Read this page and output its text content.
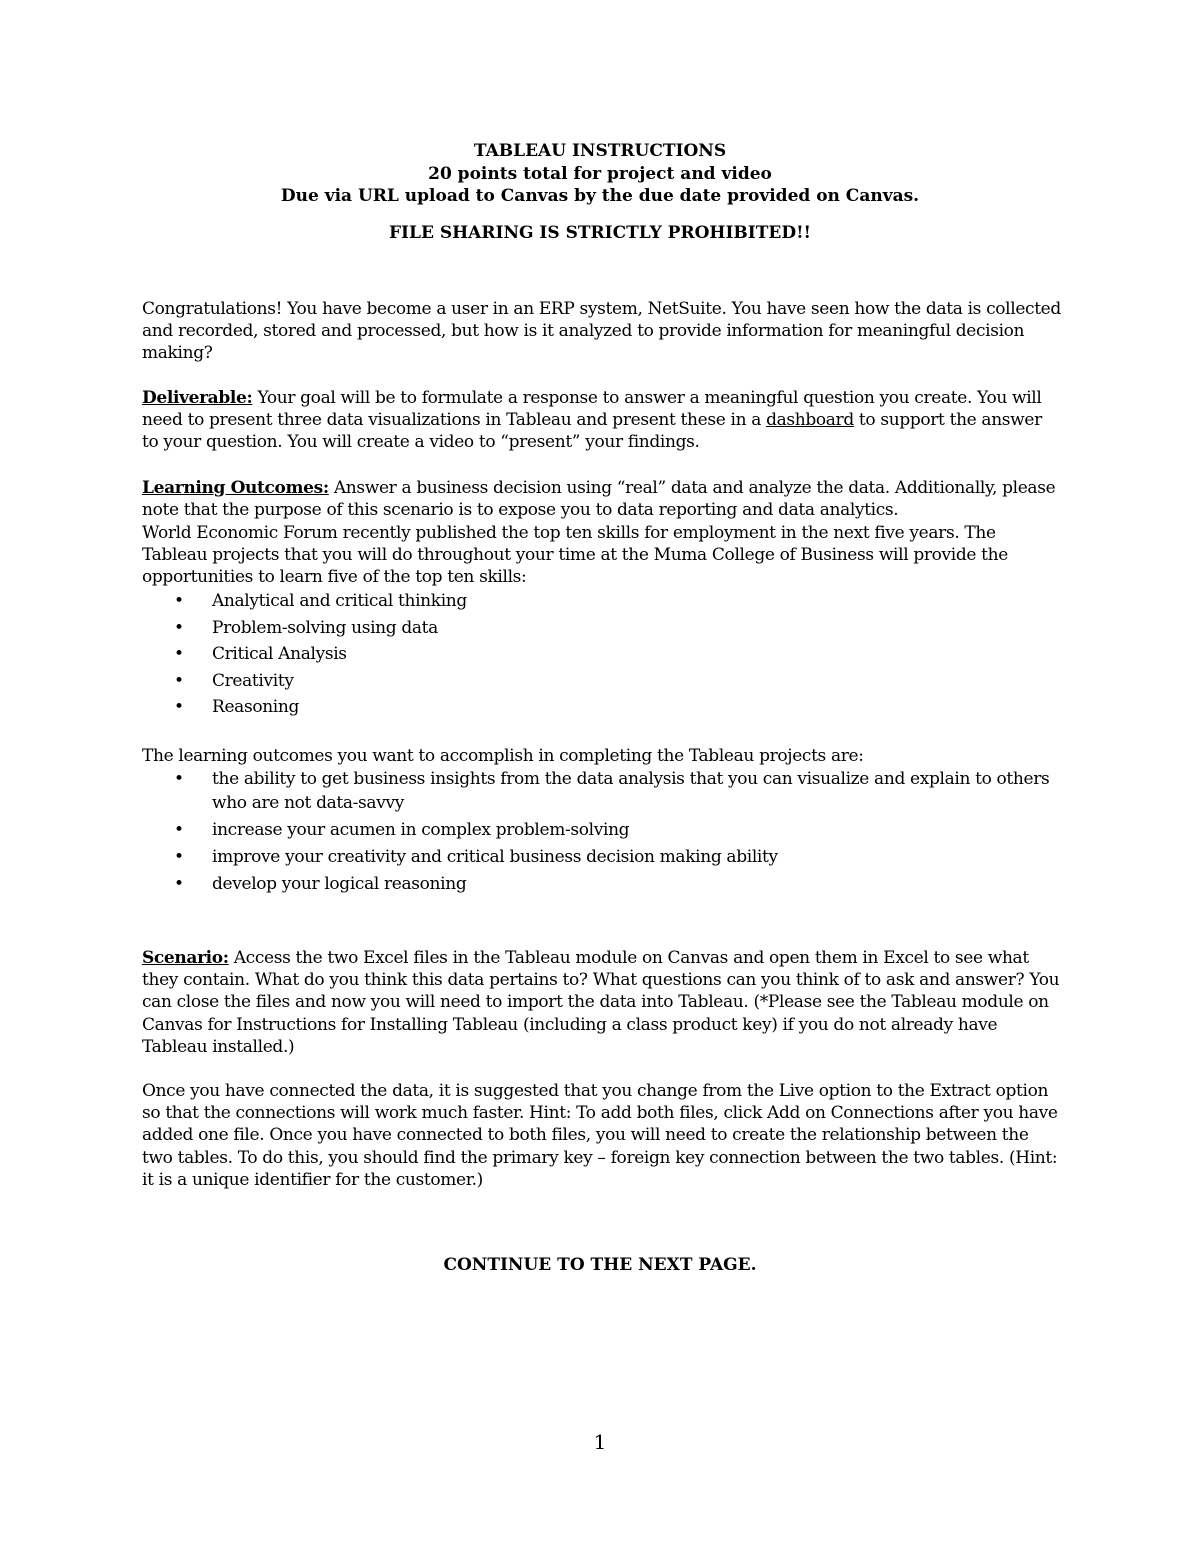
TABLEAU INSTRUCTIONS

20 points total for project and video

Due via URL upload to Canvas by the due date provided on Canvas.

FILE SHARING IS STRICTLY PROHIBITED!!

Congratulations! You have become a user in an ERP system, NetSuite. You have seen how the data is collected and recorded, stored and processed, but how is it analyzed to provide information for meaningful decision making?

Deliverable: Your goal will be to formulate a response to answer a meaningful question you create. You will need to present three data visualizations in Tableau and present these in a dashboard to support the answer to your question. You will create a video to “present” your findings.

Learning Outcomes: Answer a business decision using “real” data and analyze the data. Additionally, please note that the purpose of this scenario is to expose you to data reporting and data analytics.

World Economic Forum recently published the top ten skills for employment in the next five years. The Tableau projects that you will do throughout your time at the Muma College of Business will provide the opportunities to learn five of the top ten skills:

• Analytical and critical thinking
• Problem-solving using data
• Critical Analysis
• Creativity
• Reasoning

The learning outcomes you want to accomplish in completing the Tableau projects are:

• the ability to get business insights from the data analysis that you can visualize and explain to others who are not data-savvy
• increase your acumen in complex problem-solving
• improve your creativity and critical business decision making ability
• develop your logical reasoning

Scenario: Access the two Excel files in the Tableau module on Canvas and open them in Excel to see what they contain. What do you think this data pertains to? What questions can you think of to ask and answer? You can close the files and now you will need to import the data into Tableau. (*Please see the Tableau module on Canvas for Instructions for Installing Tableau (including a class product key) if you do not already have Tableau installed.)

Once you have connected the data, it is suggested that you change from the Live option to the Extract option so that the connections will work much faster. Hint: To add both files, click Add on Connections after you have added one file. Once you have connected to both files, you will need to create the relationship between the two tables. To do this, you should find the primary key – foreign key connection between the two tables. (Hint: it is a unique identifier for the customer.)

CONTINUE TO THE NEXT PAGE.
1
